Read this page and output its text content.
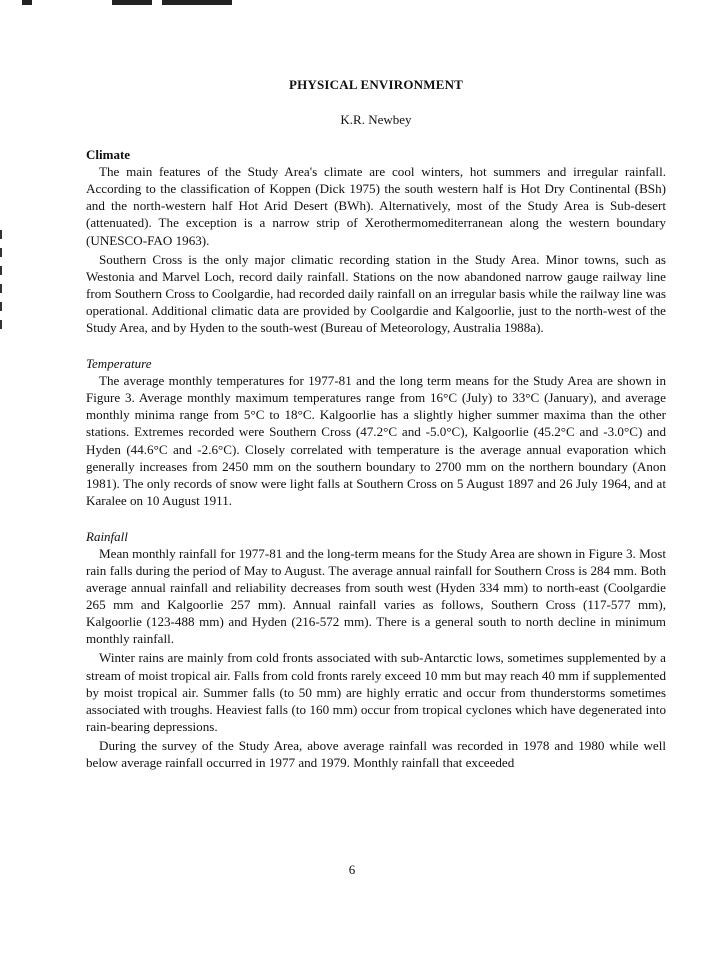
PHYSICAL ENVIRONMENT
K.R. Newbey
Climate

The main features of the Study Area's climate are cool winters, hot summers and irregular rainfall. According to the classification of Koppen (Dick 1975) the south western half is Hot Dry Continental (BSh) and the north-western half Hot Arid Desert (BWh). Alternatively, most of the Study Area is Sub-desert (attenuated). The exception is a narrow strip of Xerothermomediterranean along the western boundary (UNESCO-FAO 1963).

Southern Cross is the only major climatic recording station in the Study Area. Minor towns, such as Westonia and Marvel Loch, record daily rainfall. Stations on the now abandoned narrow gauge railway line from Southern Cross to Coolgardie, had recorded daily rainfall on an irregular basis while the railway line was operational. Additional climatic data are provided by Coolgardie and Kalgoorlie, just to the north-west of the Study Area, and by Hyden to the south-west (Bureau of Meteorology, Australia 1988a).

Temperature

The average monthly temperatures for 1977-81 and the long term means for the Study Area are shown in Figure 3. Average monthly maximum temperatures range from 16°C (July) to 33°C (January), and average monthly minima range from 5°C to 18°C. Kalgoorlie has a slightly higher summer maxima than the other stations. Extremes recorded were Southern Cross (47.2°C and -5.0°C), Kalgoorlie (45.2°C and -3.0°C) and Hyden (44.6°C and -2.6°C). Closely correlated with temperature is the average annual evaporation which generally increases from 2450 mm on the southern boundary to 2700 mm on the northern boundary (Anon 1981). The only records of snow were light falls at Southern Cross on 5 August 1897 and 26 July 1964, and at Karalee on 10 August 1911.

Rainfall

Mean monthly rainfall for 1977-81 and the long-term means for the Study Area are shown in Figure 3. Most rain falls during the period of May to August. The average annual rainfall for Southern Cross is 284 mm. Both average annual rainfall and reliability decreases from south west (Hyden 334 mm) to north-east (Coolgardie 265 mm and Kalgoorlie 257 mm). Annual rainfall varies as follows, Southern Cross (117-577 mm), Kalgoorlie (123-488 mm) and Hyden (216-572 mm). There is a general south to north decline in minimum monthly rainfall.

Winter rains are mainly from cold fronts associated with sub-Antarctic lows, sometimes supplemented by a stream of moist tropical air. Falls from cold fronts rarely exceed 10 mm but may reach 40 mm if supplemented by moist tropical air. Summer falls (to 50 mm) are highly erratic and occur from thunderstorms sometimes associated with troughs. Heaviest falls (to 160 mm) occur from tropical cyclones which have degenerated into rain-bearing depressions.

During the survey of the Study Area, above average rainfall was recorded in 1978 and 1980 while well below average rainfall occurred in 1977 and 1979. Monthly rainfall that exceeded

6
